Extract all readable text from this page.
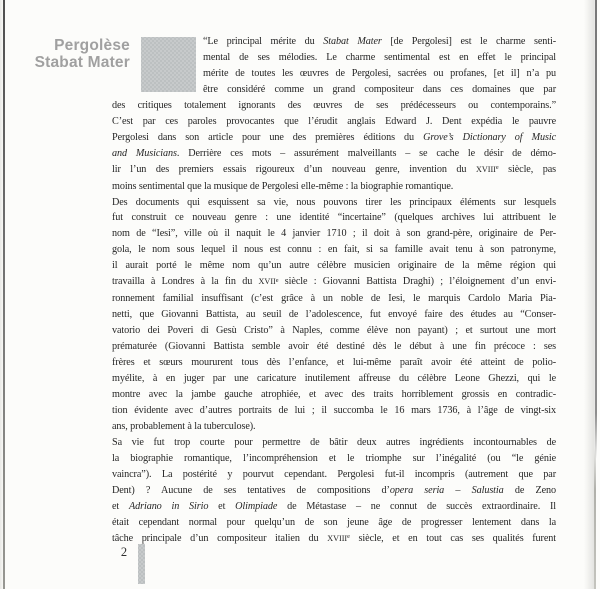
Pergolèse
Stabat Mater
“Le principal mérite du Stabat Mater [de Pergolesi] est le charme senti-
mental de ses mélodies. Le charme sentimental est en effet le principal
mérite de toutes les œuvres de Pergolesi, sacrées ou profanes, [et il] n’a pu
être considéré comme un grand compositeur dans ces domaines que par
des critiques totalement ignorants des œuvres de ses prédécesseurs ou contemporains.”
C’est par ces paroles provocantes que l’érudit anglais Edward J. Dent expédia le pauvre
Pergolesi dans son article pour une des premières éditions du Grove’s Dictionary of Music
and Musicians. Derrière ces mots – assurément malveillants – se cache le désir de démo-
lir l’un des premiers essais rigoureux d’un nouveau genre, invention du XVIIIe siècle, pas
moins sentimental que la musique de Pergolesi elle-même : la biographie romantique.
Des documents qui esquissent sa vie, nous pouvons tirer les principaux éléments sur lesquels
fut construit ce nouveau genre : une identité “incertaine” (quelques archives lui attribuent le
nom de “Iesi”, ville où il naquit le 4 janvier 1710 ; il doit à son grand-père, originaire de Per-
gola, le nom sous lequel il nous est connu : en fait, si sa famille avait tenu à son patronyme,
il aurait porté le même nom qu’un autre célèbre musicien originaire de la même région qui
travailla à Londres à la fin du XVIIe siècle : Giovanni Battista Draghi) ; l’éloignement d’un envi-
ronnement familial insuffisant (c’est grâce à un noble de Iesi, le marquis Cardolo Maria Pia-
netti, que Giovanni Battista, au seuil de l’adolescence, fut envoyé faire des études au “Conser-
vatorio dei Poveri di Gesù Cristo” à Naples, comme élève non payant) ; et surtout une mort
prématurée (Giovanni Battista semble avoir été destiné dès le début à une fin précoce : ses
frères et sœurs moururent tous dès l’enfance, et lui-même paraît avoir été atteint de polio-
myélite, à en juger par une caricature inutilement affreuse du célèbre Leone Ghezzi, qui le
montre avec la jambe gauche atrophiée, et avec des traits horriblement grossis en contradic-
tion évidente avec d’autres portraits de lui ; il succomba le 16 mars 1736, à l’âge de vingt-six
ans, probablement à la tuberculose).
Sa vie fut trop courte pour permettre de bâtir deux autres ingrédients incontournables de
la biographie romantique, l’incompréhension et le triomphe sur l’inégalité (ou “le génie
vaincra”). La postérité y pourvut cependant. Pergolesi fut-il incompris (autrement que par
Dent) ? Aucune de ses tentatives de compositions d’opera seria – Salustia de Zeno
et Adriano in Sirio et Olimpiade de Métastase – ne connut de succès extraordinaire. Il
était cependant normal pour quelqu’un de son jeune âge de progresser lentement dans la
tâche principale d’un compositeur italien du XVIIIe siècle, et en tout cas ses qualités furent
2
